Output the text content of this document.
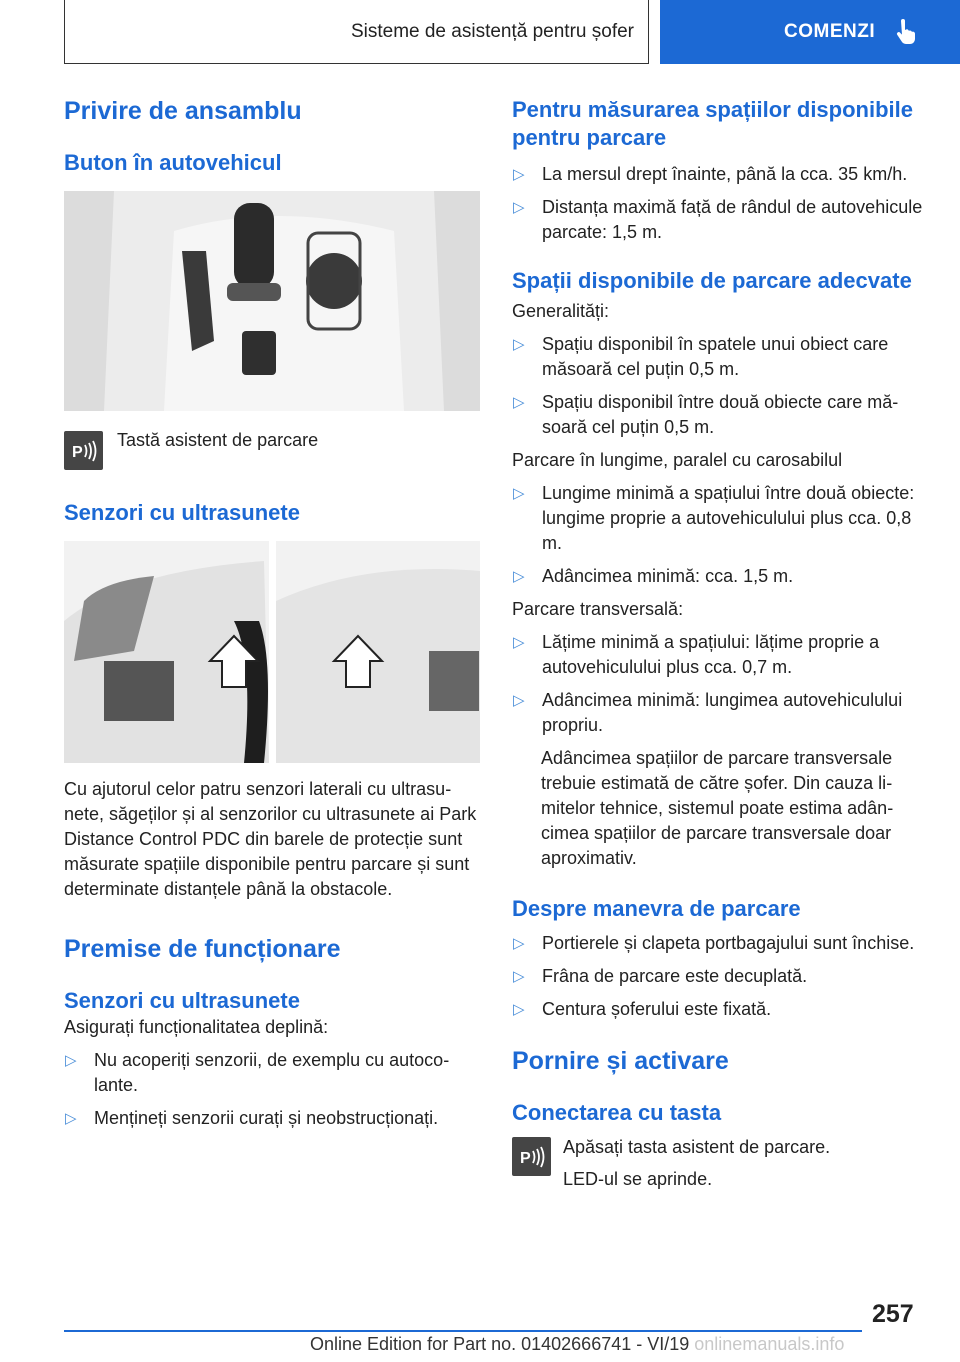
Sisteme de asistență pentru șofer	COMENZI
Privire de ansamblu
Buton în autovehicul
P

Tastă asistent de parcare

Senzori cu ultrasunete

Cu ajutorul celor patru senzori laterali cu ultrasunete, săgeților și al senzorilor cu ultrasunete ai Park Distance Control PDC din barele de protecție sunt măsurate spațiile disponibile pentru parcare și sunt determinate distanțele până la obstacole.

Premise de funcționare
Senzori cu ultrasunete

Asigurați funcționalitatea deplină:

▷ Nu acoperiți senzorii, de exemplu cu autocolante.
▷ Mențineți senzorii curați și neobstrucționați.
Pentru măsurarea spațiilor disponibile pentru parcare
▷ La mersul drept înainte, până la cca. 35 km/h.
▷ Distanța maximă față de rândul de autovehicule parcate: 1,5 m.
Spații disponibile de parcare adecvate

Generalități:

▷ Spațiu disponibil în spatele unui obiect care măsoară cel puțin 0,5 m.
▷ Spațiu disponibil între două obiecte care măsoară cel puțin 0,5 m.

Parcare în lungime, paralel cu carosabilul

▷ Lungime minimă a spațiului între două obiecte: lungime proprie a autovehiculului plus cca. 0,8 m.
▷ Adâncimea minimă: cca. 1,5 m.

Parcare transversală:

▷ Lățime minimă a spațiului: lățime proprie a autovehiculului plus cca. 0,7 m.
▷ Adâncimea minimă: lungimea autovehiculului propriu.

Adâncimea spațiilor de parcare transversale trebuie estimată de către șofer. Din cauza limitelor tehnice, sistemul poate estima adâncimea spațiilor de parcare transversale doar aproximativ.

Despre manevra de parcare
▷ Portierele și clapeta portbagajului sunt închise.
▷ Frâna de parcare este decuplată.
▷ Centura șoferului este fixată.
Pornire și activare
Conectarea cu tasta
P

Apăsați tasta asistent de parcare.

LED-ul se aprinde.

257
Online Edition for Part no. 01402666741 - VI/19 onlinemanuals.info
